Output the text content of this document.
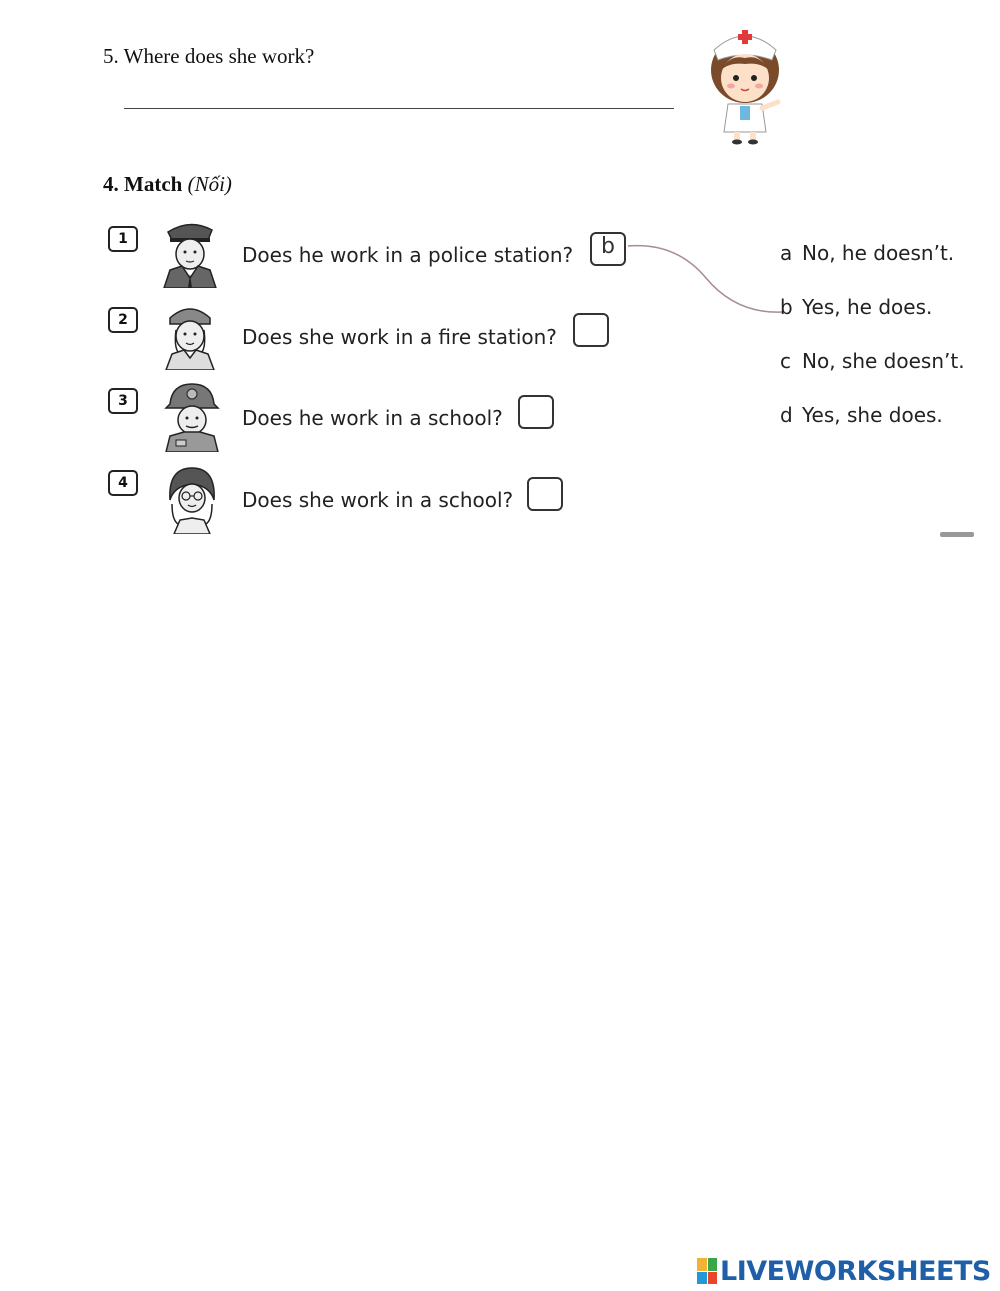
5. Where does she work?
4. Match (Nối)
1
Does he work in a police station?	b
2
Does she work in a fire station?
3
Does he work in a school?
4
Does she work in a school?
a No, he doesn’t.
b Yes, he does.
c No, she doesn’t.
d Yes, she does.
LIVEWORKSHEETS
